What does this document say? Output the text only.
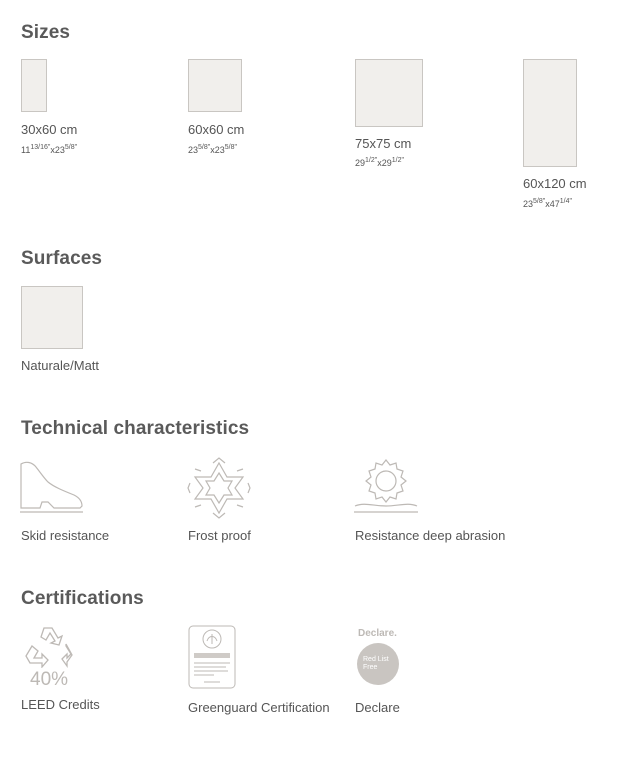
Sizes
30x60 cm
$11^{13/16"}x23^{5/8"}$
60x60 cm
$23^{5/8"}x23^{5/8"}$	75x75 cm
$29^{1/2"}x29^{1/2"}$
60x120 cm
$23^{5/8"}x47^{1/4"}$
Surfaces
Naturale/Matt
Technical characteristics
Skid resistance	Frost proof	Resistance deep abrasion
Certifications
40%
LEED Credits	Greenguard Certification
Declare.
Red List
Free
Declare
